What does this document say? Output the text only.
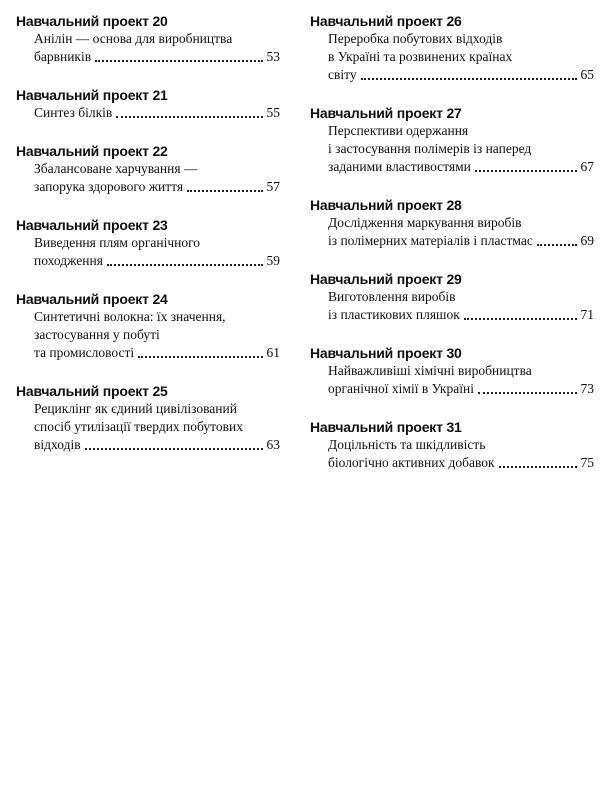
Навчальний проект 20
Анілін — основа для виробництва
барвників	53
Навчальний проект 21
Синтез білків	55
Навчальний проект 22
Збалансоване харчування —
запорука здорового життя	57
Навчальний проект 23
Виведення плям органічного
походження	59
Навчальний проект 24
Синтетичні волокна: їх значення,
застосування у побуті
та промисловості	61
Навчальний проект 25
Рециклінг як єдиний цивілізований
спосіб утилізації твердих побутових
відходів	63
Навчальний проект 26
Переробка побутових відходів
в Україні та розвинених країнах
світу	65
Навчальний проект 27
Перспективи одержання
і застосування полімерів із наперед
заданими властивостями	67
Навчальний проект 28
Дослідження маркування виробів
із полімерних матеріалів і пластмас	69
Навчальний проект 29
Виготовлення виробів
із пластикових пляшок	71
Навчальний проект 30
Найважливіші хімічні виробництва
органічної хімії в Україні	73
Навчальний проект 31
Доцільність та шкідливість
біологічно активних добавок	75
